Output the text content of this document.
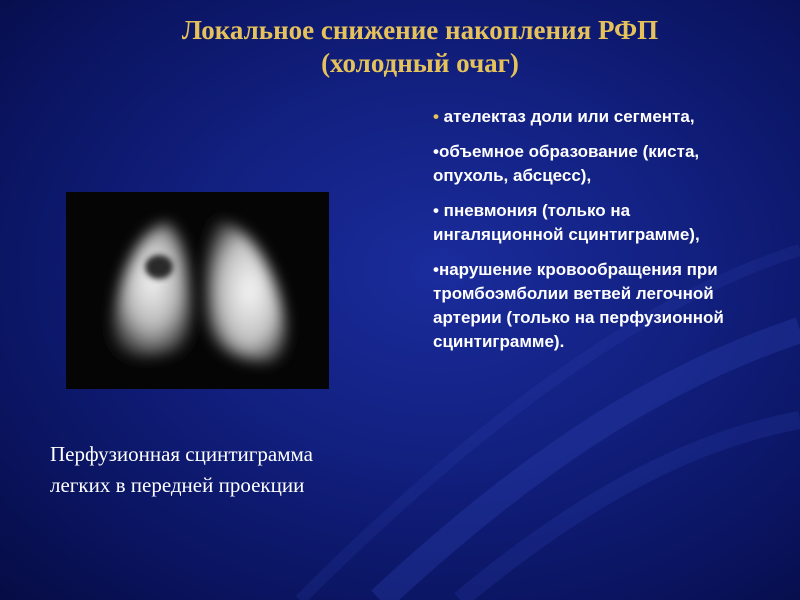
Локальное снижение накопления РФП
(холодный очаг)
Перфузионная сцинтиграмма
легких в передней проекции
• ателектаз доли или сегмента,
•объемное образование (киста, опухоль, абсцесс),
• пневмония (только на ингаляционной сцинтиграмме),
•нарушение кровообращения при тромбоэмболии ветвей легочной артерии (только на перфузионной сцинтиграмме).
